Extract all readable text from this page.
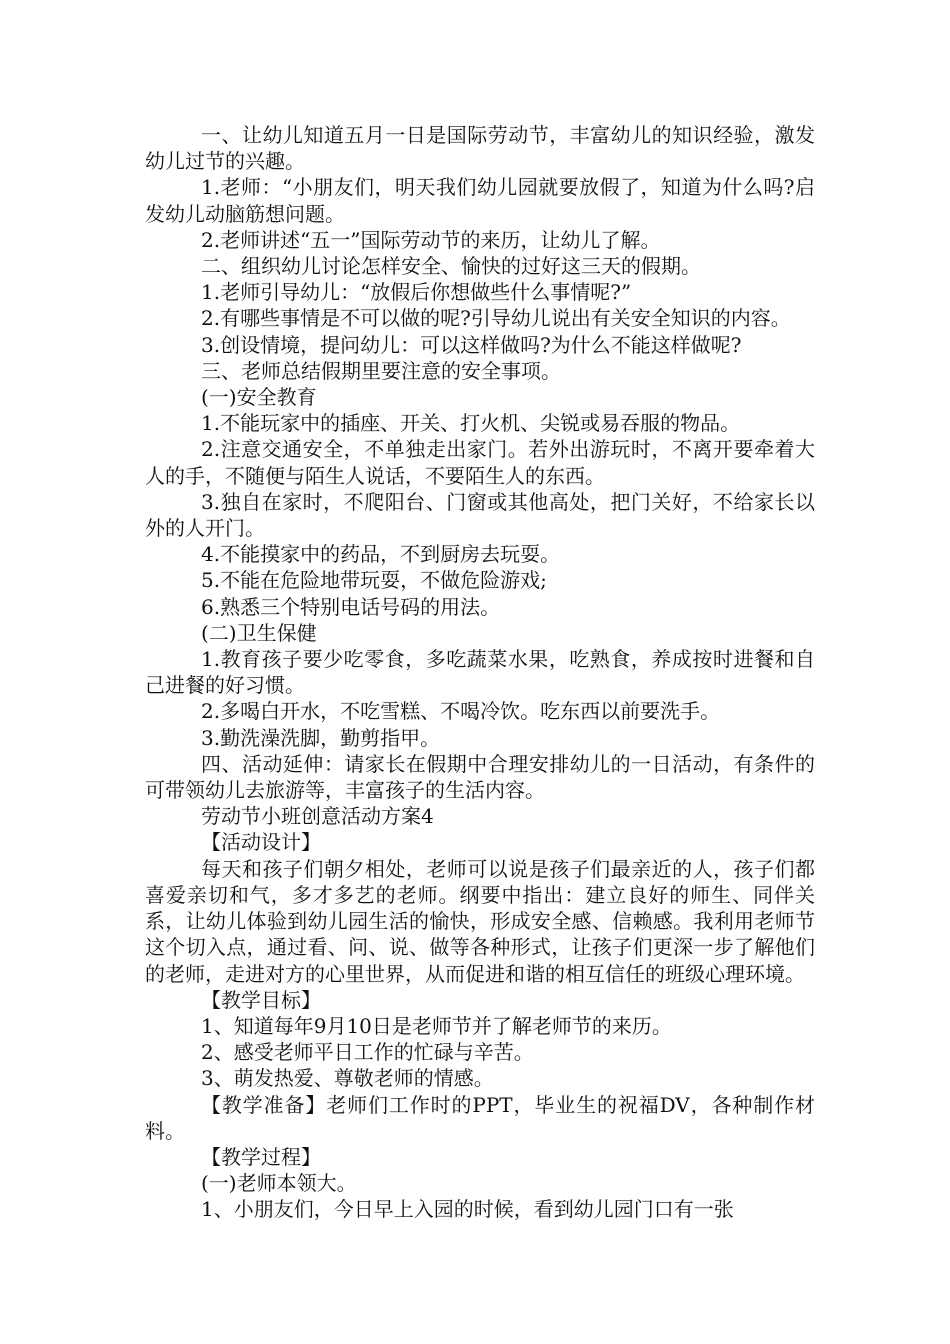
一、让幼儿知道五月一日是国际劳动节，丰富幼儿的知识经验，激发幼儿过节的兴趣。

1.老师：“小朋友们，明天我们幼儿园就要放假了，知道为什么吗?启发幼儿动脑筋想问题。

2.老师讲述“五一”国际劳动节的来历，让幼儿了解。

二、组织幼儿讨论怎样安全、愉快的过好这三天的假期。

1.老师引导幼儿：“放假后你想做些什么事情呢?”

2.有哪些事情是不可以做的呢?引导幼儿说出有关安全知识的内容。

3.创设情境，提问幼儿：可以这样做吗?为什么不能这样做呢?

三、老师总结假期里要注意的安全事项。

(一)安全教育

1.不能玩家中的插座、开关、打火机、尖锐或易吞服的物品。

2.注意交通安全，不单独走出家门。若外出游玩时，不离开要牵着大人的手，不随便与陌生人说话，不要陌生人的东西。

3.独自在家时，不爬阳台、门窗或其他高处，把门关好，不给家长以外的人开门。

4.不能摸家中的药品，不到厨房去玩耍。

5.不能在危险地带玩耍，不做危险游戏;

6.熟悉三个特别电话号码的用法。

(二)卫生保健

1.教育孩子要少吃零食，多吃蔬菜水果，吃熟食，养成按时进餐和自己进餐的好习惯。

2.多喝白开水，不吃雪糕、不喝冷饮。吃东西以前要洗手。

3.勤洗澡洗脚，勤剪指甲。

四、活动延伸：请家长在假期中合理安排幼儿的一日活动，有条件的可带领幼儿去旅游等，丰富孩子的生活内容。

劳动节小班创意活动方案4

【活动设计】

每天和孩子们朝夕相处，老师可以说是孩子们最亲近的人，孩子们都喜爱亲切和气，多才多艺的老师。纲要中指出：建立良好的师生、同伴关系，让幼儿体验到幼儿园生活的愉快，形成安全感、信赖感。我利用老师节这个切入点，通过看、问、说、做等各种形式，让孩子们更深一步了解他们的老师，走进对方的心里世界，从而促进和谐的相互信任的班级心理环境。

【教学目标】

1、知道每年9月10日是老师节并了解老师节的来历。

2、感受老师平日工作的忙碌与辛苦。

3、萌发热爱、尊敬老师的情感。

【教学准备】老师们工作时的PPT，毕业生的祝福DV，各种制作材料。

【教学过程】

(一)老师本领大。

1、小朋友们，今日早上入园的时候，看到幼儿园门口有一张
